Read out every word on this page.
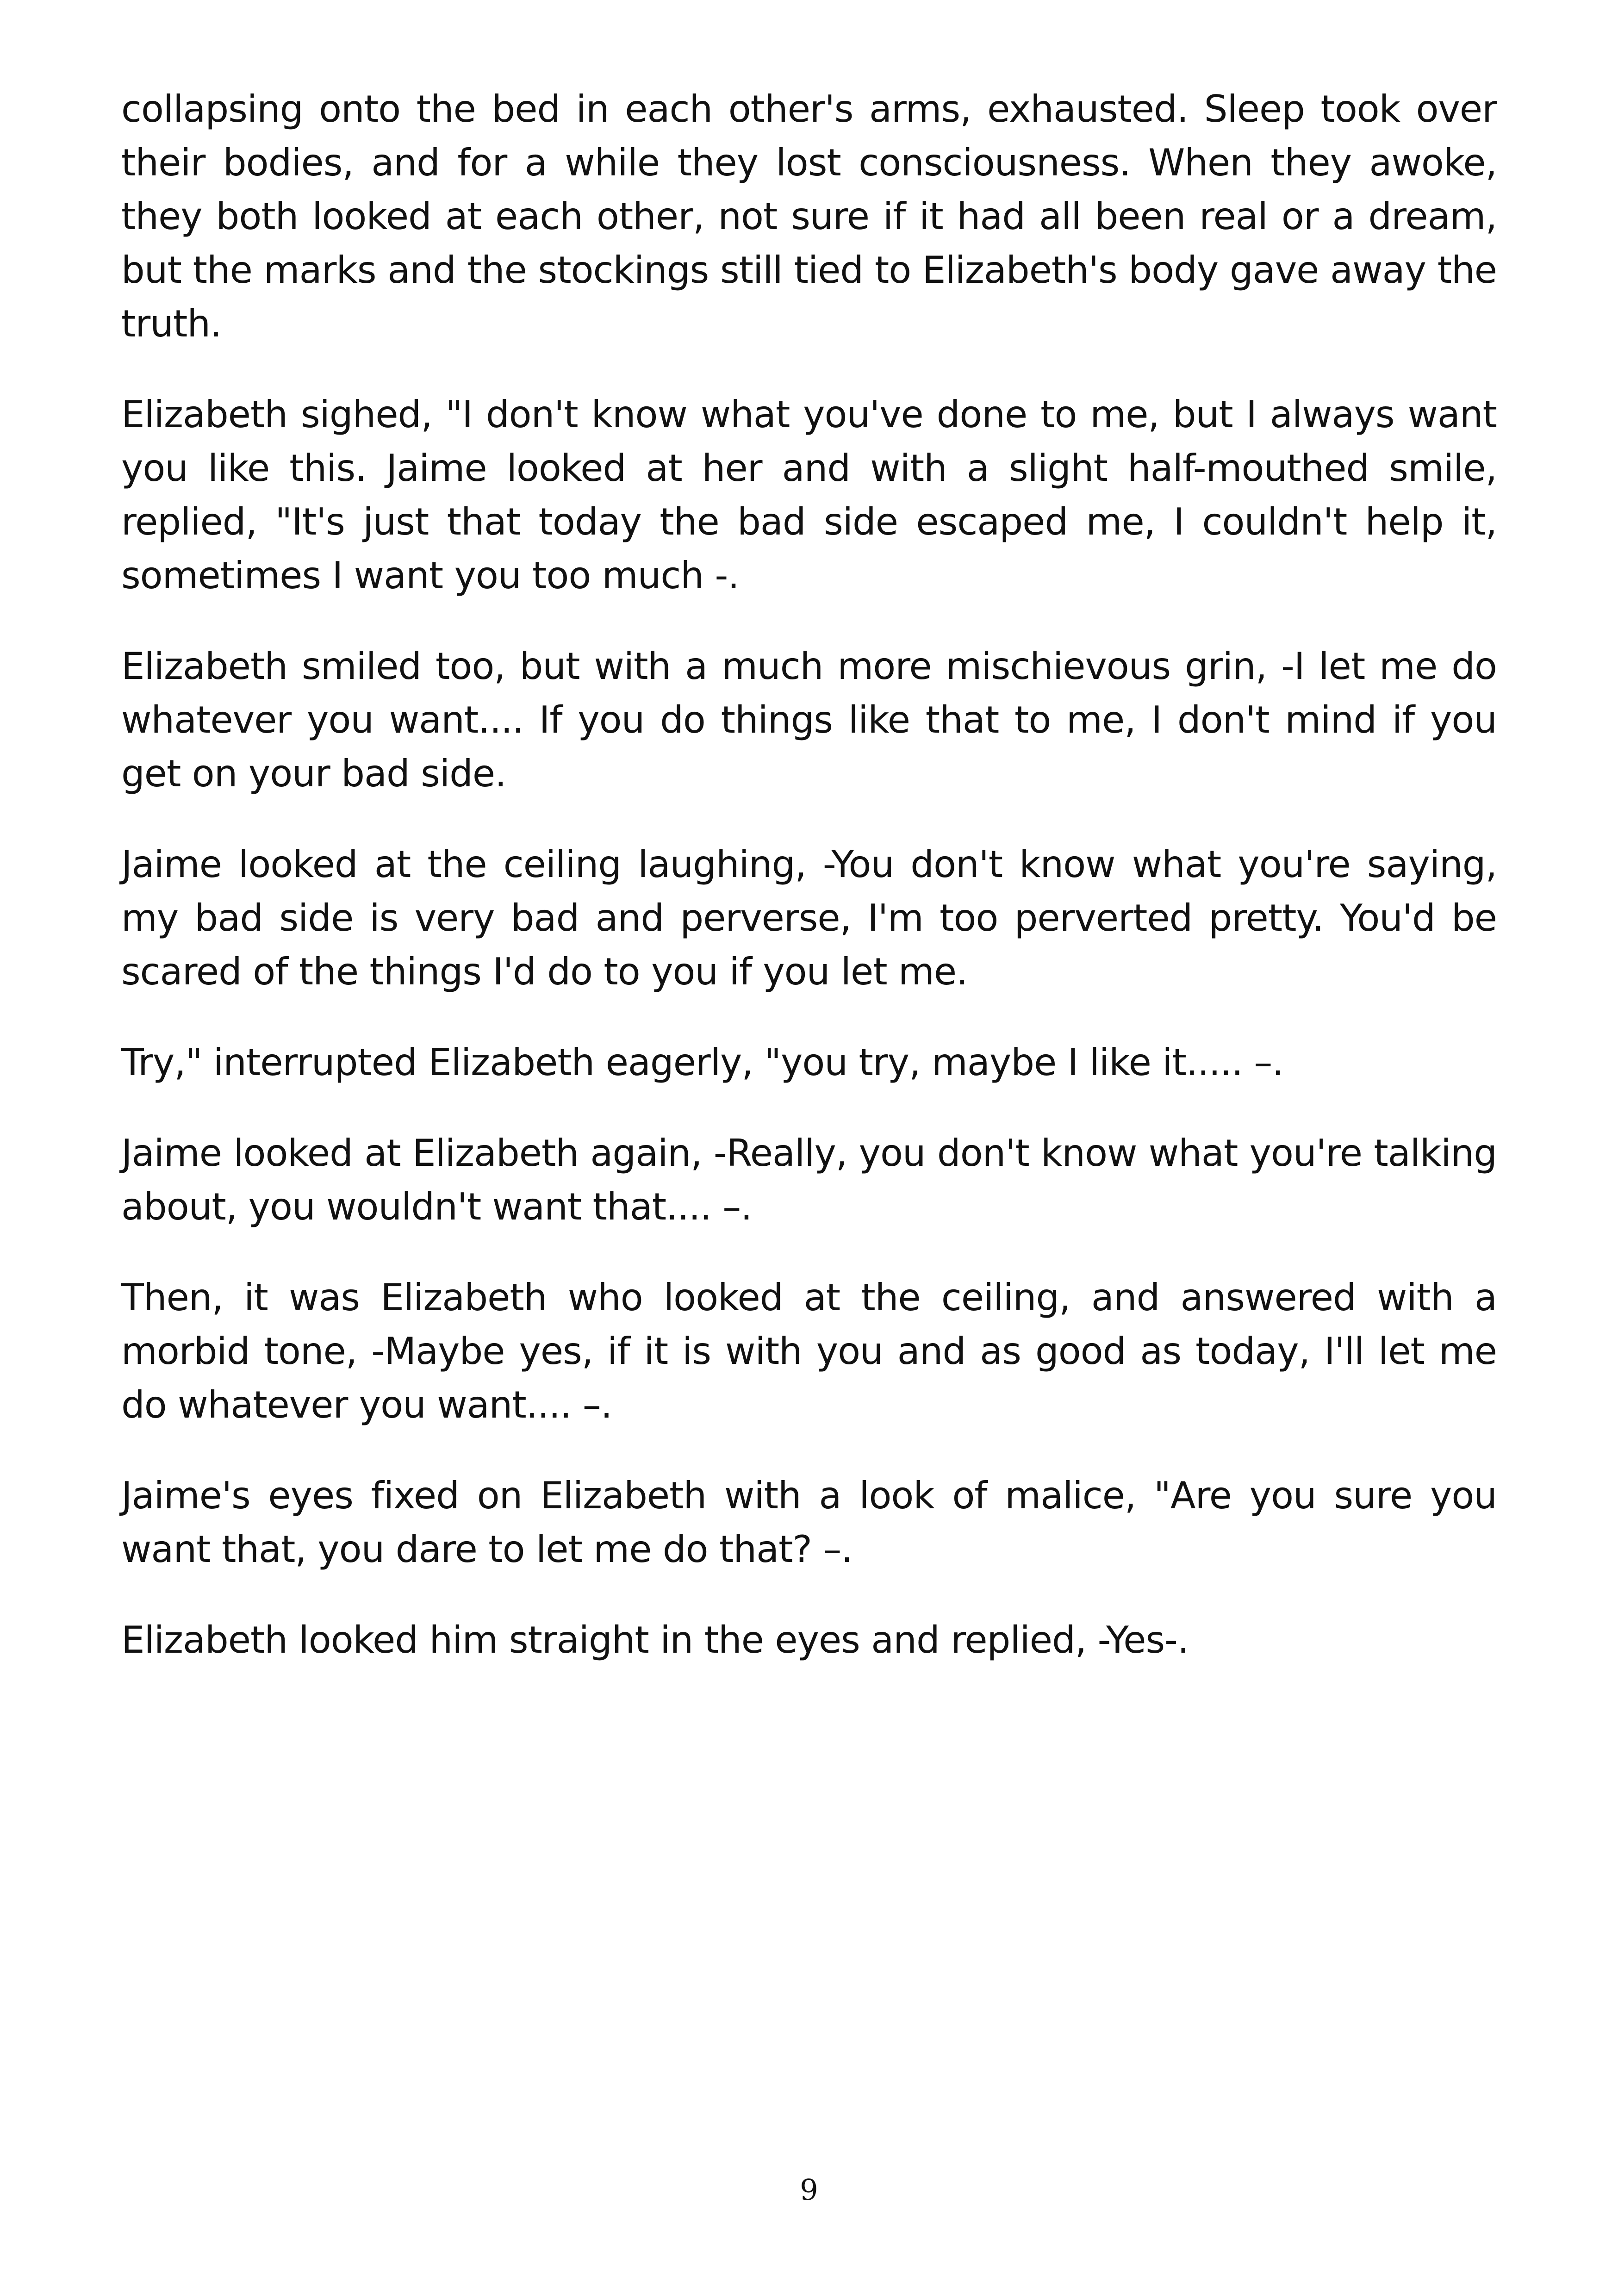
collapsing onto the bed in each other's arms, exhausted. Sleep took over their bodies, and for a while they lost consciousness. When they awoke, they both looked at each other, not sure if it had all been real or a dream, but the marks and the stockings still tied to Elizabeth's body gave away the truth.

Elizabeth sighed, "I don't know what you've done to me, but I always want you like this. Jaime looked at her and with a slight half-mouthed smile, replied, "It's just that today the bad side escaped me, I couldn't help it, sometimes I want you too much -.

Elizabeth smiled too, but with a much more mischievous grin, -I let me do whatever you want.... If you do things like that to me, I don't mind if you get on your bad side.

Jaime looked at the ceiling laughing, -You don't know what you're saying, my bad side is very bad and perverse, I'm too perverted pretty. You'd be scared of the things I'd do to you if you let me.

Try," interrupted Elizabeth eagerly, "you try, maybe I like it..... –.

Jaime looked at Elizabeth again, -Really, you don't know what you're talking about, you wouldn't want that.... –.

Then, it was Elizabeth who looked at the ceiling, and answered with a morbid tone, -Maybe yes, if it is with you and as good as today, I'll let me do whatever you want.... –.

Jaime's eyes fixed on Elizabeth with a look of malice, "Are you sure you want that, you dare to let me do that? –.

Elizabeth looked him straight in the eyes and replied, -Yes-.

9
